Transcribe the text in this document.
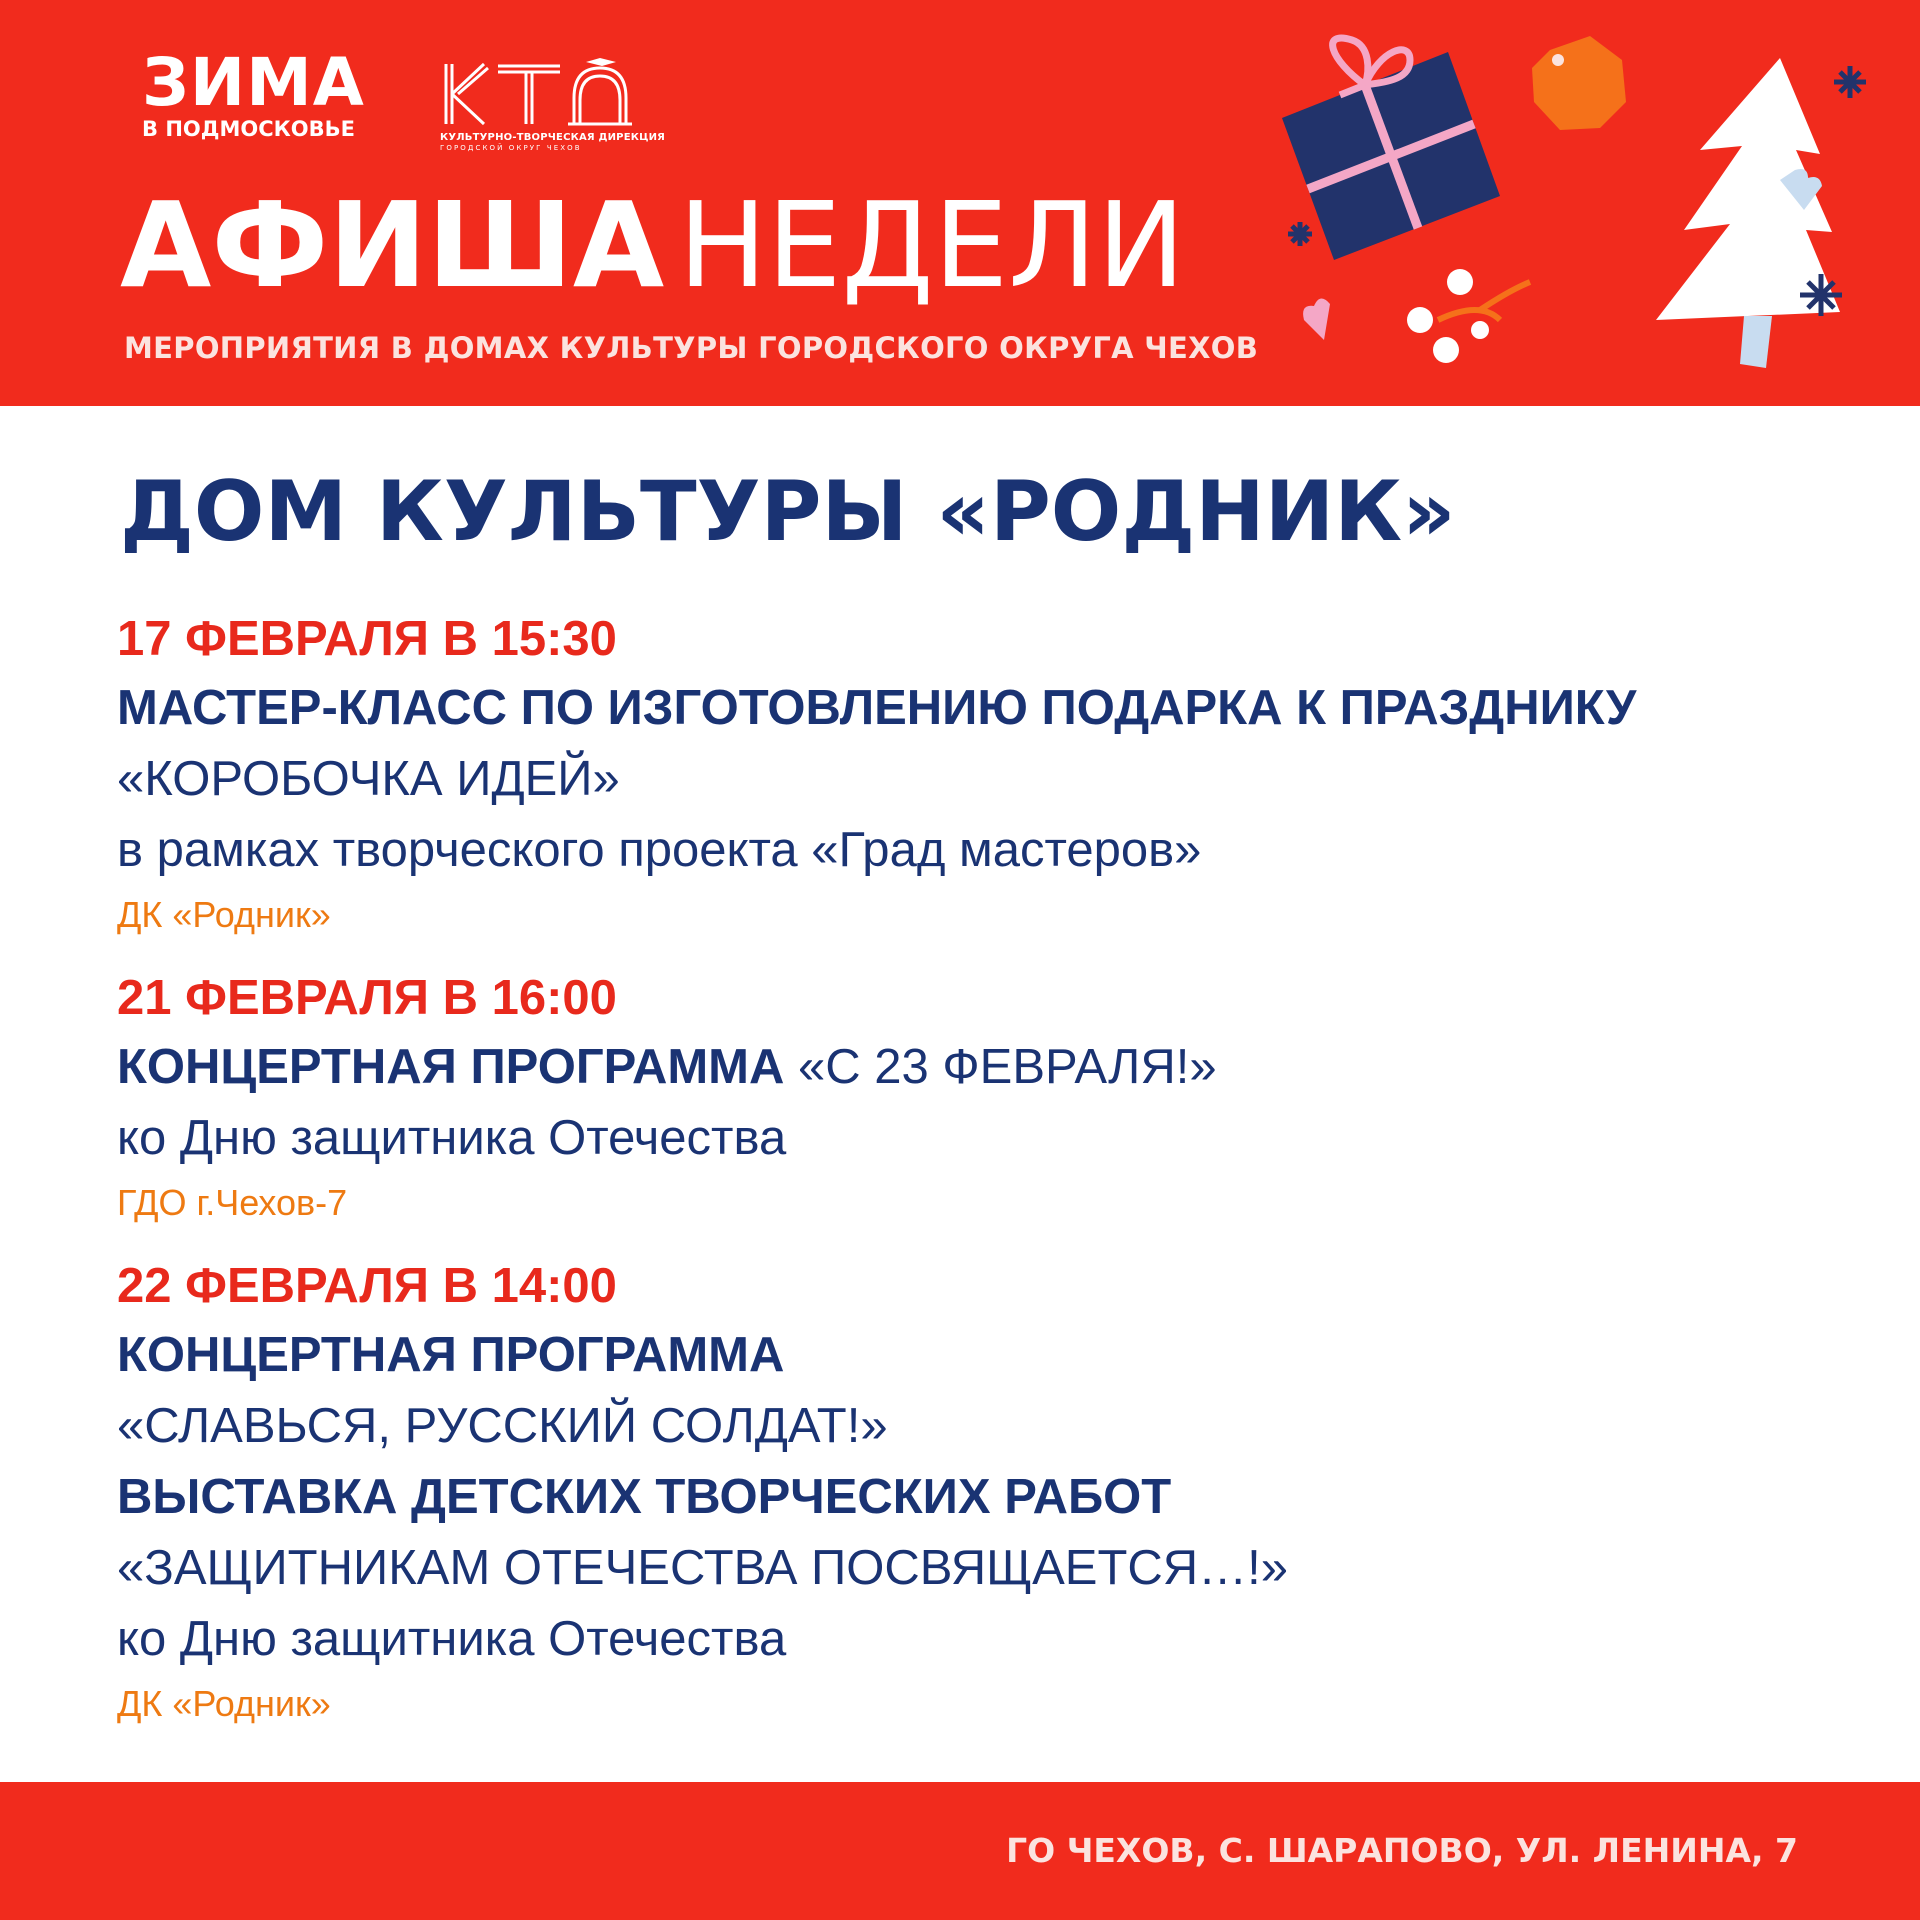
ЗИМА
В ПОДМОСКОВЬЕ	КУЛЬТУРНО-ТВОРЧЕСКАЯ ДИРЕКЦИЯ
ГОРОДСКОЙ ОКРУГ ЧЕХОВ
АФИША НЕДЕЛИ
МЕРОПРИЯТИЯ В ДОМАХ КУЛЬТУРЫ ГОРОДСКОГО ОКРУГА ЧЕХОВ
ДОМ КУЛЬТУРЫ «РОДНИК»
17 ФЕВРАЛЯ В 15:30
МАСТЕР-КЛАСС ПО ИЗГОТОВЛЕНИЮ ПОДАРКА К ПРАЗДНИКУ
«КОРОБОЧКА ИДЕЙ»
в рамках творческого проекта «Град мастеров»
ДК «Родник»
21 ФЕВРАЛЯ В 16:00
КОНЦЕРТНАЯ ПРОГРАММА «С 23 ФЕВРАЛЯ!»
ко Дню защитника Отечества
ГДО г.Чехов-7
22 ФЕВРАЛЯ В 14:00
КОНЦЕРТНАЯ ПРОГРАММА
«СЛАВЬСЯ, РУССКИЙ СОЛДАТ!»
ВЫСТАВКА ДЕТСКИХ ТВОРЧЕСКИХ РАБОТ
«ЗАЩИТНИКАМ ОТЕЧЕСТВА ПОСВЯЩАЕТСЯ…!»
ко Дню защитника Отечества
ДК «Родник»
ГО ЧЕХОВ, С. ШАРАПОВО, УЛ. ЛЕНИНА, 7
